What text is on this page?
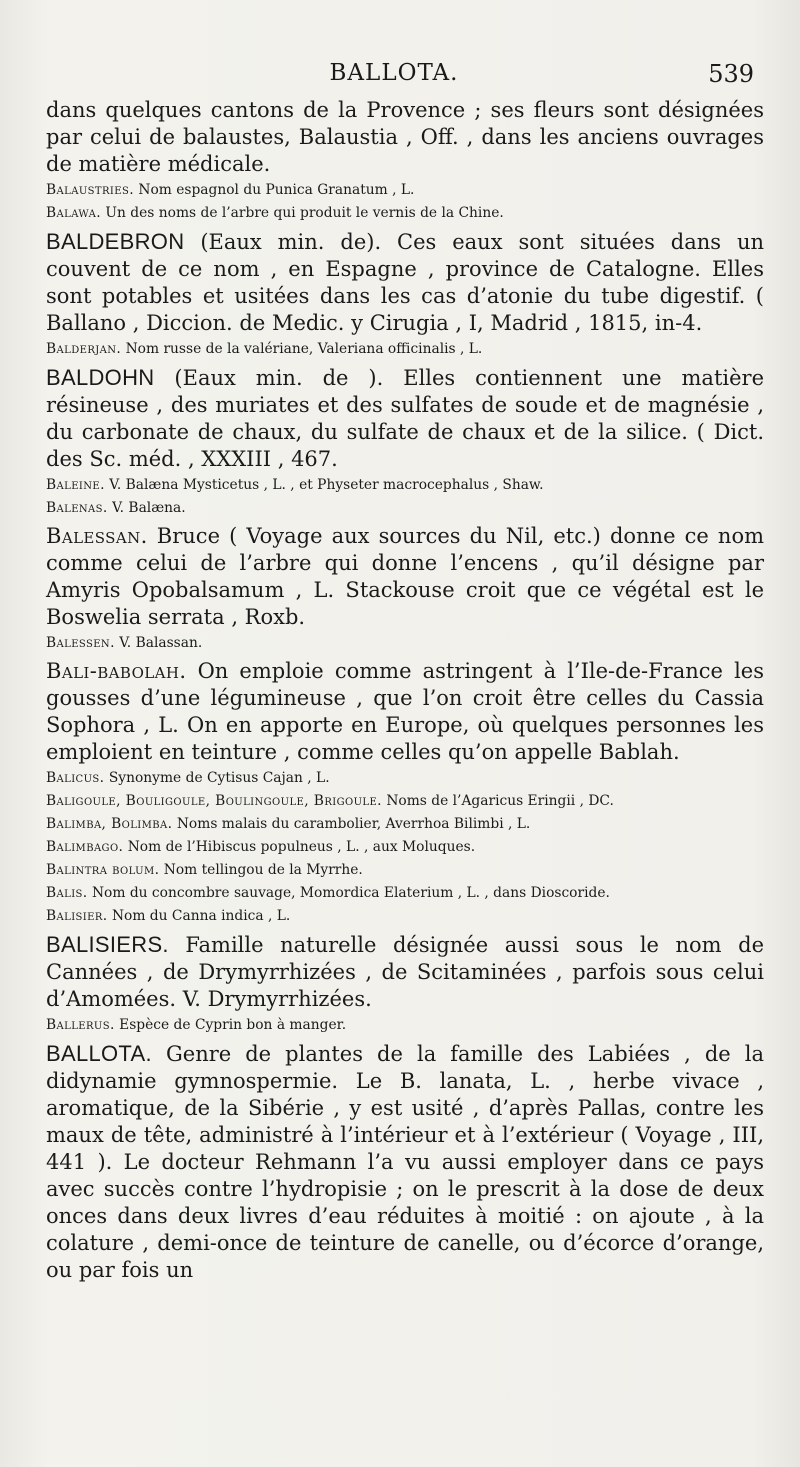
BALLOTA.	539

dans quelques cantons de la Provence ; ses fleurs sont désignées par celui de balaustes, Balaustia , Off. , dans les anciens ouvrages de matière médicale.

Balaustries. Nom espagnol du Punica Granatum , L.

Balawa. Un des noms de l’arbre qui produit le vernis de la Chine.

BALDEBRON (Eaux min. de). Ces eaux sont situées dans un couvent de ce nom , en Espagne , province de Catalogne. Elles sont potables et usitées dans les cas d’atonie du tube digestif. ( Ballano , Diccion. de Medic. y Cirugia , I, Madrid , 1815, in-4.

Balderjan. Nom russe de la valériane, Valeriana officinalis , L.

BALDOHN (Eaux min. de ). Elles contiennent une matière résineuse , des muriates et des sulfates de soude et de magnésie , du carbonate de chaux, du sulfate de chaux et de la silice. ( Dict. des Sc. méd. , XXXIII , 467.

Baleine. V. Balæna Mysticetus , L. , et Physeter macrocephalus , Shaw.

Balenas. V. Balæna.

Balessan. Bruce ( Voyage aux sources du Nil, etc.) donne ce nom comme celui de l’arbre qui donne l’encens , qu’il désigne par Amyris Opobalsamum , L. Stackouse croit que ce végétal est le Boswelia serrata , Roxb.

Balessen. V. Balassan.

Bali-babolah. On emploie comme astringent à l’Ile-de-France les gousses d’une légumineuse , que l’on croit être celles du Cassia Sophora , L. On en apporte en Europe, où quelques personnes les emploient en teinture , comme celles qu’on appelle Bablah.

Balicus. Synonyme de Cytisus Cajan , L.

Baligoule, Bouligoule, Boulingoule, Brigoule. Noms de l’Agaricus Eringii , DC.

Balimba, Bolimba. Noms malais du carambolier, Averrhoa Bilimbi , L.

Balimbago. Nom de l’Hibiscus populneus , L. , aux Moluques.

Balintra bolum. Nom tellingou de la Myrrhe.

Balis. Nom du concombre sauvage, Momordica Elaterium , L. , dans Dioscoride.

Balisier. Nom du Canna indica , L.

BALISIERS. Famille naturelle désignée aussi sous le nom de Cannées , de Drymyrrhizées , de Scitaminées , parfois sous celui d’Amomées. V. Drymyrrhizées.

Ballerus. Espèce de Cyprin bon à manger.

BALLOTA. Genre de plantes de la famille des Labiées , de la didynamie gymnospermie. Le B. lanata, L. , herbe vivace , aromatique, de la Sibérie , y est usité , d’après Pallas, contre les maux de tête, administré à l’intérieur et à l’extérieur ( Voyage , III, 441 ). Le docteur Rehmann l’a vu aussi employer dans ce pays avec succès contre l’hydropisie ; on le prescrit à la dose de deux onces dans deux livres d’eau réduites à moitié : on ajoute , à la colature , demi-once de teinture de canelle, ou d’écorce d’orange, ou par fois un
